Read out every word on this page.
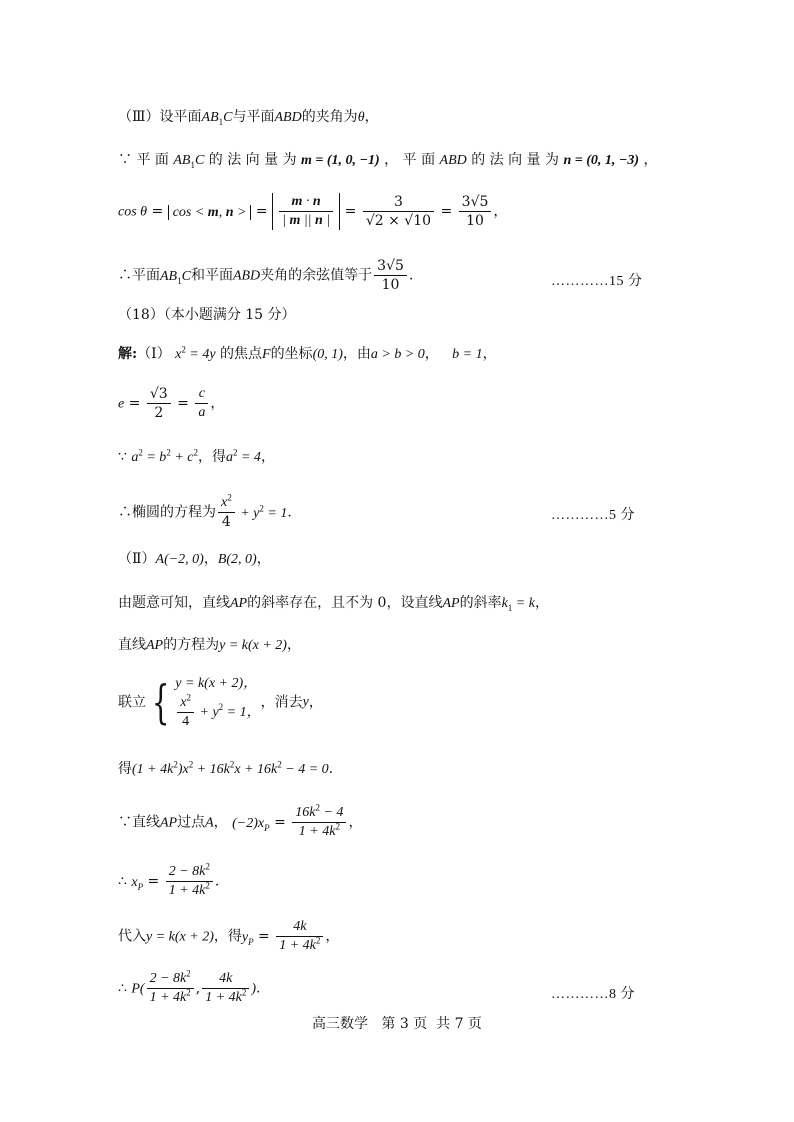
（Ⅲ）设平面$AB_1C$与平面ABD的夹角为θ，
∵ 平 面 $AB_1C$ 的 法 向 量 为 m = (1, 0, −1) ， 平 面 ABD 的 法 向 量 为 n = (0, 1, −3) ，
cos θ = cos < m, n > = $\frac{m \cdot n}{| m || n |} = \frac{3}{√2 \times √10} = \frac{3√5}{10}$ ，
∴平面$AB_1C$和平面ABD夹角的余弦值等于 $\frac{3√5}{10}$ .	…………15 分
（18）（本小题满分 15 分）
解:（Ⅰ） $x^2 = 4y$ 的焦点F的坐标(0, 1)，由a > b > 0，   b = 1，
$e = \frac{√3}{2} = \frac{c}{a}$ ，
∵ $a^2 = b^2 + c^2$，得$a^2 = 4$，
∴椭圆的方程为 $\frac{x^2}{4} + y^2 = 1$.	…………5 分
（Ⅱ）A(−2, 0)，B(2, 0)，
由题意可知，直线AP的斜率存在，且不为 0，设直线AP的斜率$k_1 = k$，
直线AP的方程为y = k(x + 2)，
联立 { y = k(x + 2)，
$\frac{x^2}{4} + y^2 = 1$，
，消去y，
得$(1 + 4k^2)x^2 + 16k^2x + 16k^2 - 4 = 0$.
∵直线AP过点A， $(-2)x_P = \frac{16k^2 - 4}{1 + 4k^2}$ ，
∴ $x_P = \frac{2 - 8k^2}{1 + 4k^2}$ .
代入y = k(x + 2)，得$y_P = \frac{4k}{1 + 4k^2}$ ，
∴ $P( \frac{2 - 8k^2}{1 + 4k^2}$ , $\frac{4k}{1 + 4k^2}$ ).	…………8 分
高三数学 第 3 页 共 7 页
